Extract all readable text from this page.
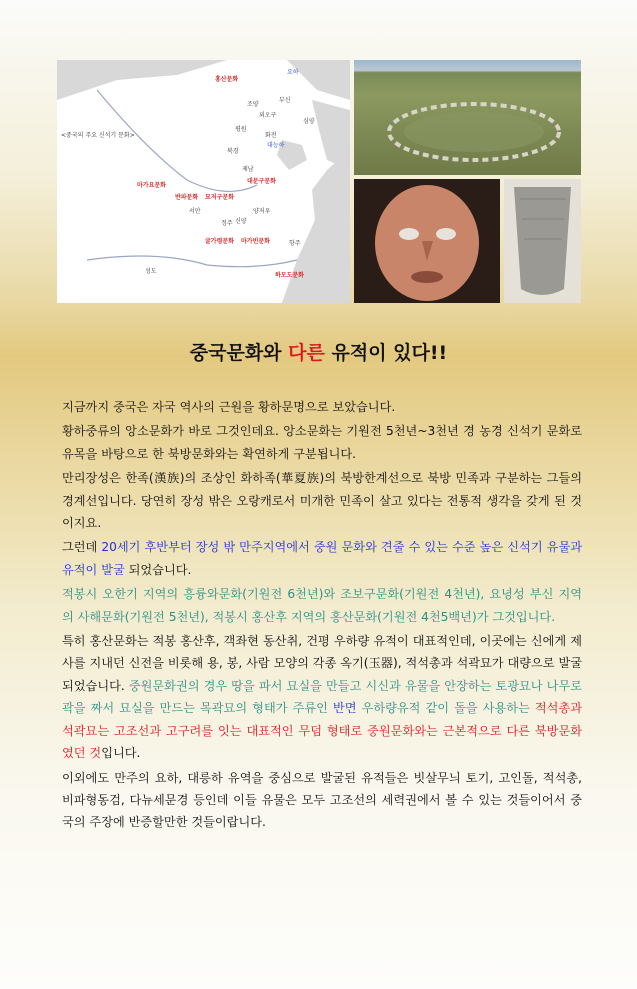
홍산문화
요하
부신
조양
외오구
평원
화전
대능하
심양
북경
<중국의 주요 신석기 문화>
마가요문화
반파문화 묘저구문화
대문구문화
제남
서안	양저우
신양
정주
굴가령문화 마가빈문화	항주
하모도문화
성도
중국문화와 다른 유적이 있다!!

지금까지 중국은 자국 역사의 근원을 황하문명으로 보았습니다.

황하중류의 앙소문화가 바로 그것인데요. 앙소문화는 기원전 5천년~3천년 경 농경 신석기 문화로 유목을 바탕으로 한 북방문화와는 확연하게 구분됩니다.

만리장성은 한족(漢族)의 조상인 화하족(華夏族)의 북방한계선으로 북방 민족과 구분하는 그들의 경계선입니다. 당연히 장성 밖은 오랑캐로서 미개한 민족이 살고 있다는 전통적 생각을 갖게 된 것이지요.

그런데 20세기 후반부터 장성 밖 만주지역에서 중원 문화와 견줄 수 있는 수준 높은 신석기 유물과 유적이 발굴 되었습니다.

적봉시 오한기 지역의 흥륭와문화(기원전 6천년)와 조보구문화(기원전 4천년), 요녕성 부신 지역의 사해문화(기원전 5천년), 적봉시 홍산후 지역의 홍산문화(기원전 4천5백년)가 그것입니다.

특히 홍산문화는 적봉 홍산후, 객좌현 동산취, 건평 우하량 유적이 대표적인데, 이곳에는 신에게 제사를 지내던 신전을 비롯해 용, 봉, 사람 모양의 각종 옥기(玉器), 적석총과 석곽묘가 대량으로 발굴되었습니다. 중원문화권의 경우 땅을 파서 묘실을 만들고 시신과 유물을 안장하는 토광묘나 나무로 곽을 짜서 묘실을 만드는 목곽묘의 형태가 주류인 반면 우하량유적 같이 돌을 사용하는 적석총과 석곽묘는 고조선과 고구려를 잇는 대표적인 무덤 형태로 중원문화와는 근본적으로 다른 북방문화였던 것입니다.

이외에도 만주의 요하, 대릉하 유역을 중심으로 발굴된 유적들은 빗살무늬 토기, 고인돌, 적석총, 비파형동검, 다뉴세문경 등인데 이들 유물은 모두 고조선의 세력권에서 볼 수 있는 것들이어서 중국의 주장에 반증할만한 것들이랍니다.
